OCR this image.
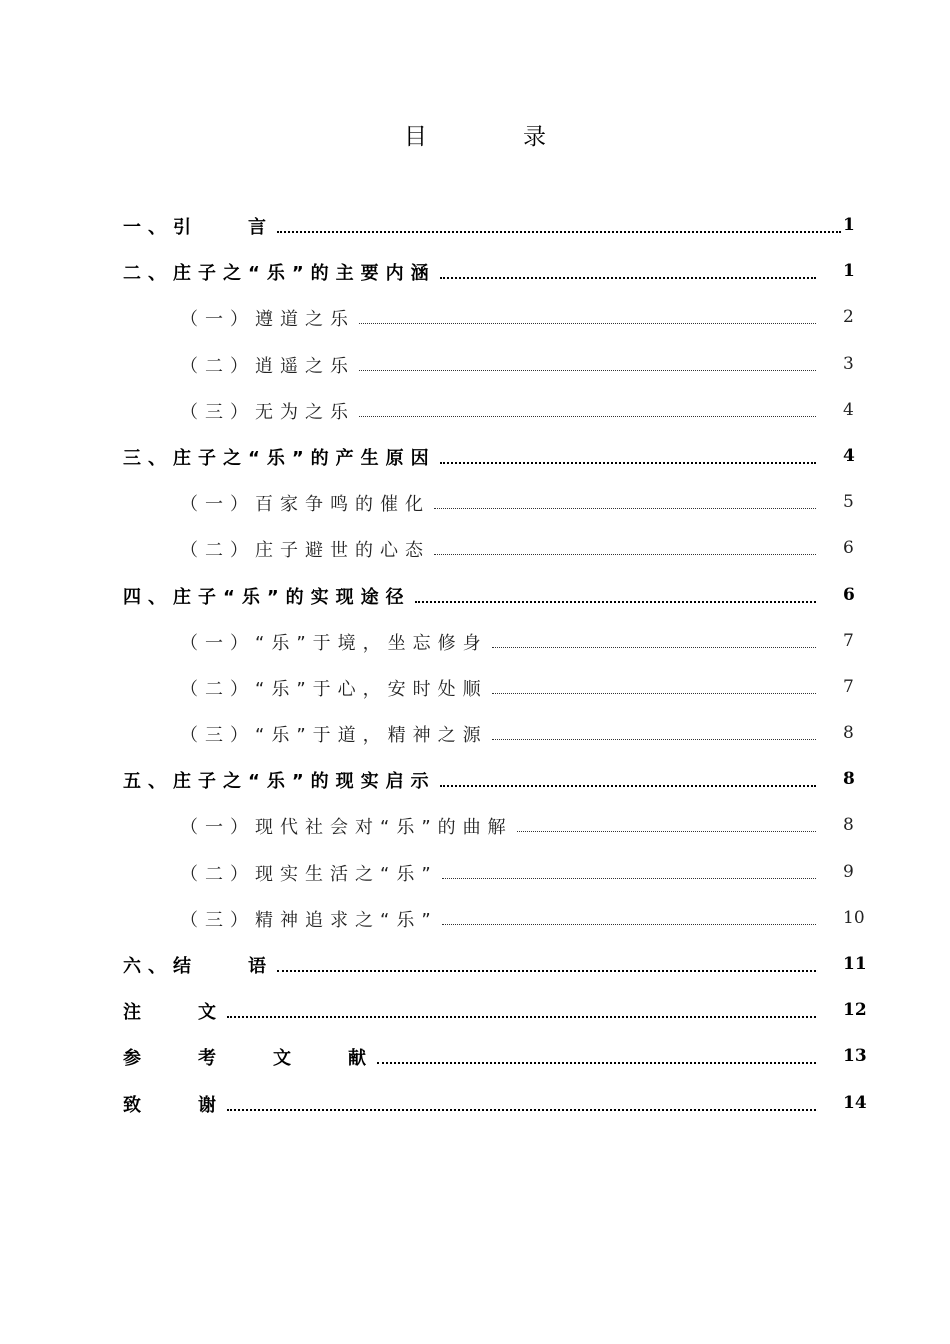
目	录
一、引　　言	1
二、庄子之“乐”的主要内涵	1
（一）遵道之乐	2
（二）逍遥之乐	3
（三）无为之乐	4
三、庄子之“乐”的产生原因	4
（一）百家争鸣的催化	5
（二）庄子避世的心态	6
四、庄子“乐”的实现途径	6
（一）“乐”于境，坐忘修身	7
（二）“乐”于心，安时处顺	7
（三）“乐”于道，精神之源	8
五、庄子之“乐”的现实启示	8
（一）现代社会对“乐”的曲解	8
（二）现实生活之“乐”	9
（三）精神追求之“乐”	10
六、结　　语	11
注　　文	12
参　　考　　文　　献	13
致　　谢	14
